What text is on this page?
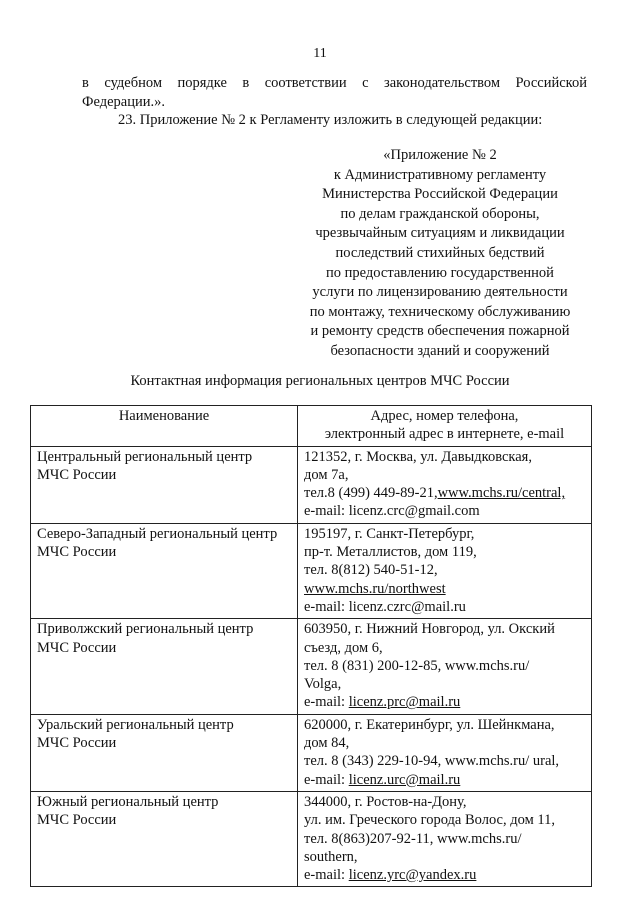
11
в судебном порядке в соответствии с законодательством Российской
Федерации.».
23. Приложение № 2 к Регламенту изложить в следующей редакции:
«Приложение № 2
к Административному регламенту
Министерства Российской Федерации
по делам гражданской обороны,
чрезвычайным ситуациям и ликвидации
последствий стихийных бедствий
по предоставлению государственной
услуги по лицензированию деятельности
по монтажу, техническому обслуживанию
и ремонту средств обеспечения пожарной
безопасности зданий и сооружений
Контактная информация региональных центров МЧС России
Наименование	Адрес, номер телефона,
электронный адрес в интернете, e-mail

Центральный региональный центр
МЧС России	121352, г. Москва, ул. Давыдковская,
дом 7а,
тел.8 (499) 449-89-21,www.mchs.ru/central,
e-mail: licenz.crc@gmail.com

Северо-Западный региональный центр
МЧС России	195197, г. Санкт-Петербург,
пр-т. Металлистов, дом 119,
тел. 8(812) 540-51-12,
www.mchs.ru/northwest
e-mail: licenz.czrc@mail.ru

Приволжский региональный центр
МЧС России	603950, г. Нижний Новгород, ул. Окский
съезд, дом 6,
тел. 8 (831) 200-12-85, www.mchs.ru/
Volga,
e-mail: licenz.prc@mail.ru

Уральский региональный центр
МЧС России	620000, г. Екатеринбург, ул. Шейнкмана,
дом 84,
тел. 8 (343) 229-10-94, www.mchs.ru/ ural,
e-mail: licenz.urc@mail.ru

Южный региональный центр
МЧС России	344000, г. Ростов-на-Дону,
ул. им. Греческого города Волос, дом 11,
тел. 8(863)207-92-11, www.mchs.ru/
southern,
e-mail: licenz.yrc@yandex.ru
